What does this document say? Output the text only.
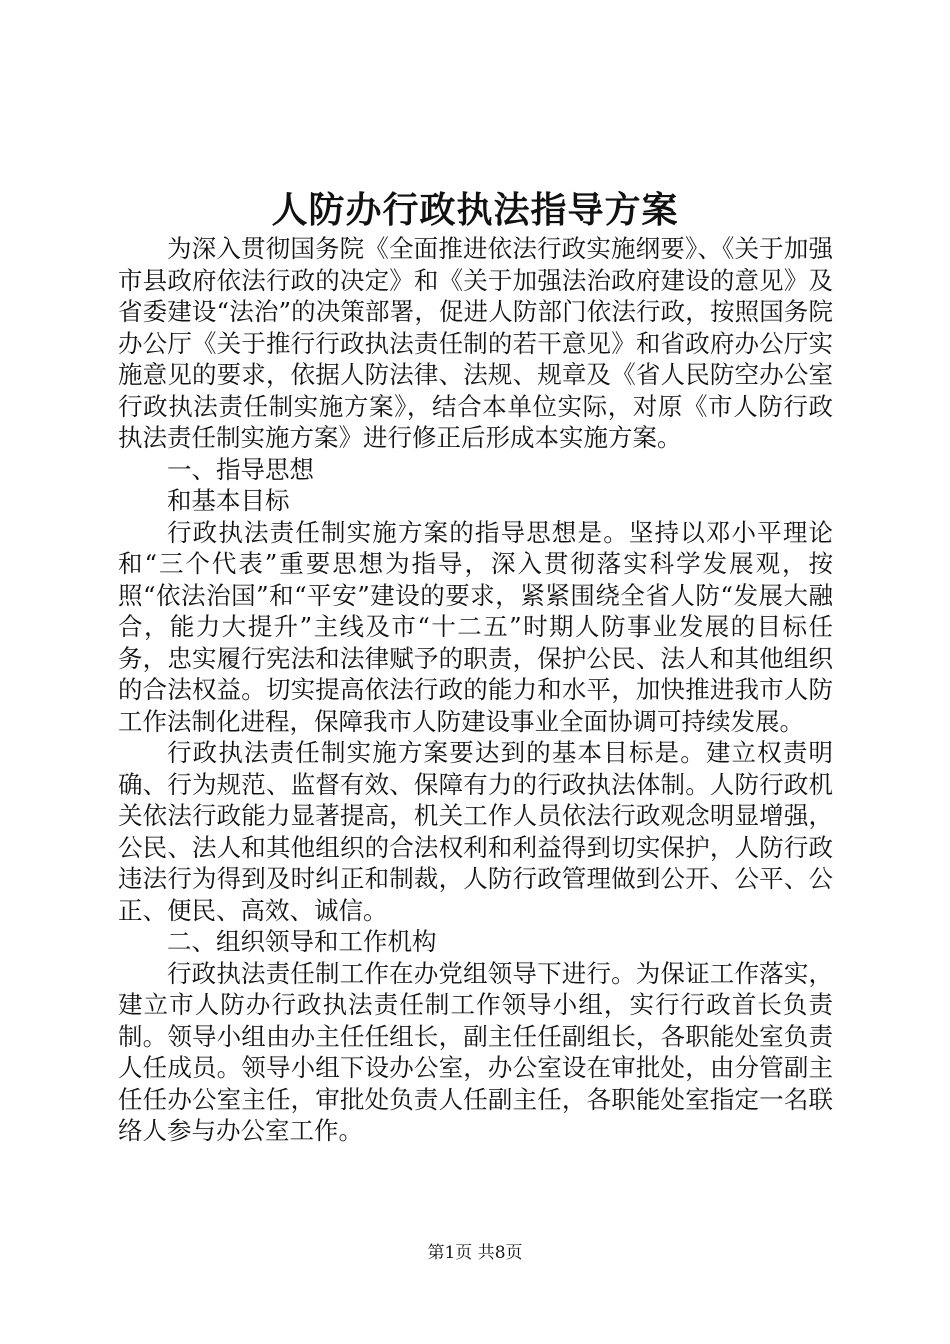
人防办行政执法指导方案

为深入贯彻国务院《全面推进依法行政实施纲要》、《关于加强市县政府依法行政的决定》和《关于加强法治政府建设的意见》及省委建设“法治”的决策部署，促进人防部门依法行政，按照国务院办公厅《关于推行行政执法责任制的若干意见》和省政府办公厅实施意见的要求，依据人防法律、法规、规章及《省人民防空办公室行政执法责任制实施方案》，结合本单位实际，对原《市人防行政执法责任制实施方案》进行修正后形成本实施方案。

一、指导思想

和基本目标

行政执法责任制实施方案的指导思想是。坚持以邓小平理论和“三个代表”重要思想为指导，深入贯彻落实科学发展观，按照“依法治国”和“平安”建设的要求，紧紧围绕全省人防“发展大融合，能力大提升”主线及市“十二五”时期人防事业发展的目标任务，忠实履行宪法和法律赋予的职责，保护公民、法人和其他组织的合法权益。切实提高依法行政的能力和水平，加快推进我市人防工作法制化进程，保障我市人防建设事业全面协调可持续发展。

行政执法责任制实施方案要达到的基本目标是。建立权责明确、行为规范、监督有效、保障有力的行政执法体制。人防行政机关依法行政能力显著提高，机关工作人员依法行政观念明显增强，公民、法人和其他组织的合法权利和利益得到切实保护，人防行政违法行为得到及时纠正和制裁，人防行政管理做到公开、公平、公正、便民、高效、诚信。

二、组织领导和工作机构

行政执法责任制工作在办党组领导下进行。为保证工作落实，建立市人防办行政执法责任制工作领导小组，实行行政首长负责制。领导小组由办主任任组长，副主任任副组长，各职能处室负责人任成员。领导小组下设办公室，办公室设在审批处，由分管副主任任办公室主任，审批处负责人任副主任，各职能处室指定一名联络人参与办公室工作。

第1页 共8页
